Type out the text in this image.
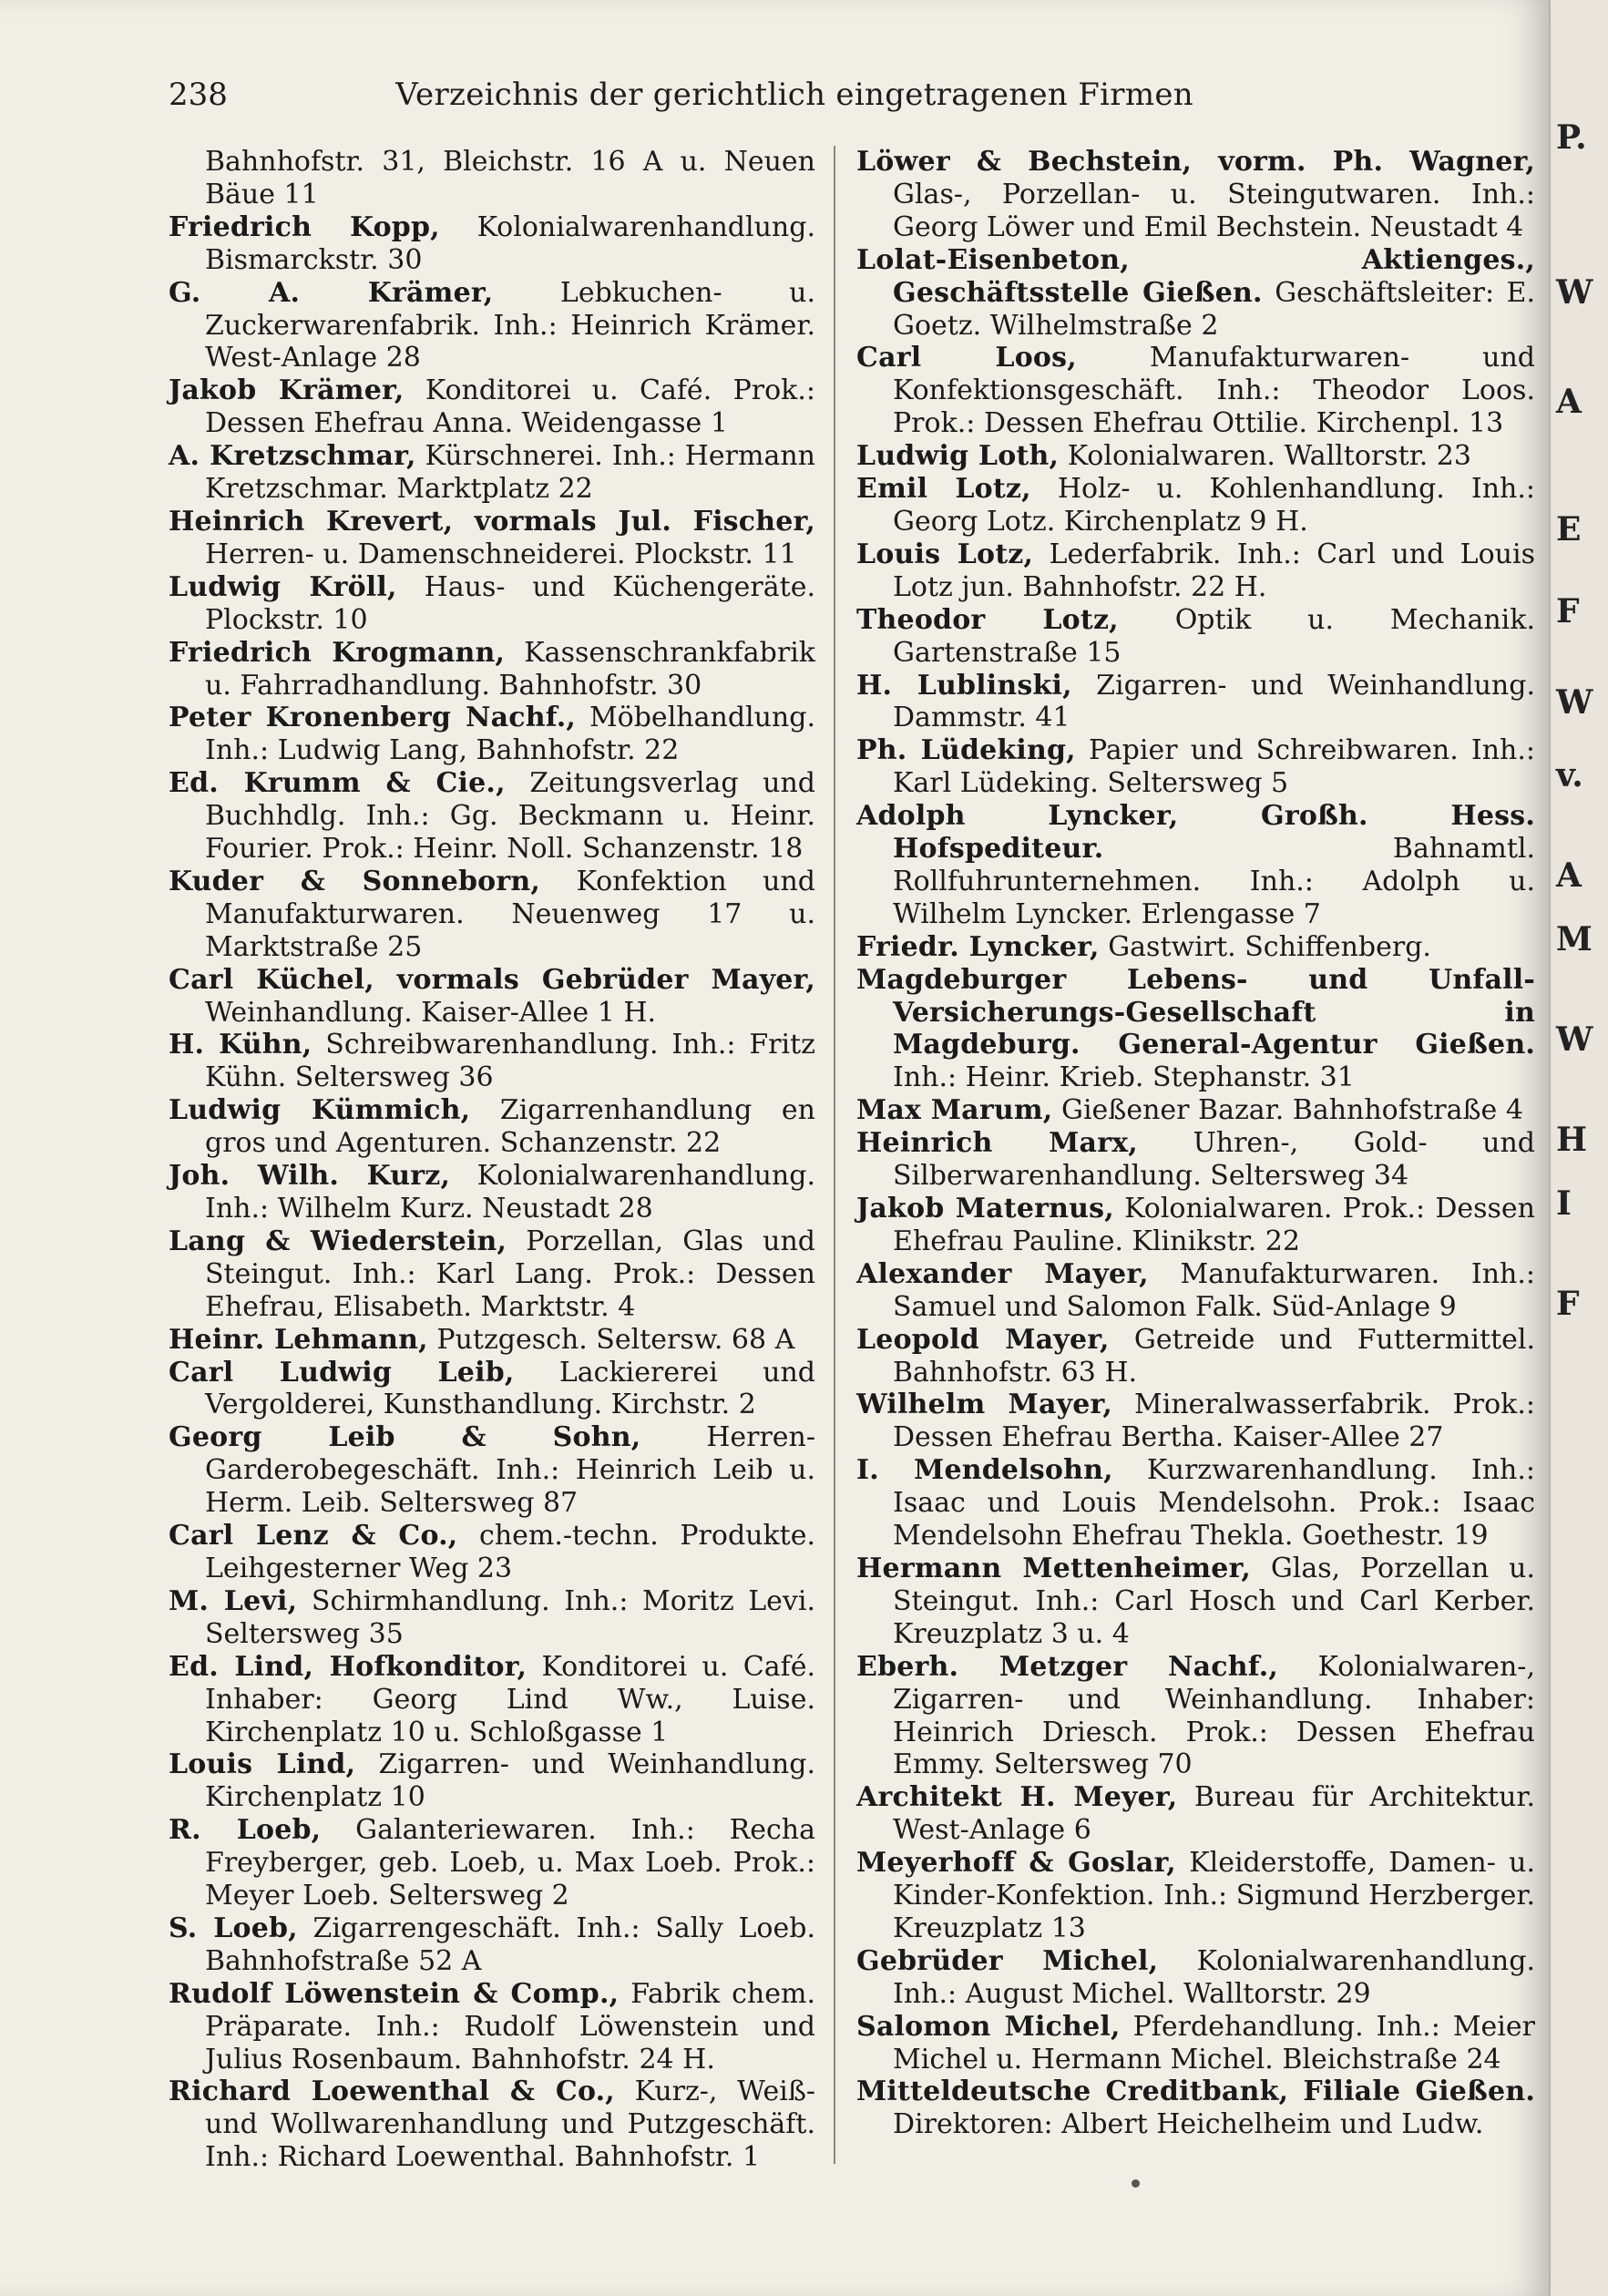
238	Verzeichnis der gerichtlich eingetragenen Firmen

Bahnhofstr. 31, Bleichstr. 16 A u. Neuen Bäue 11

Friedrich Kopp, Kolonialwarenhandlung. Bismarckstr. 30

G. A. Krämer, Lebkuchen- u. Zuckerwarenfabrik. Inh.: Heinrich Krämer. West-Anlage 28

Jakob Krämer, Konditorei u. Café. Prok.: Dessen Ehefrau Anna. Weidengasse 1

A. Kretzschmar, Kürschnerei. Inh.: Hermann Kretzschmar. Marktplatz 22

Heinrich Krevert, vormals Jul. Fischer, Herren- u. Damenschneiderei. Plockstr. 11

Ludwig Kröll, Haus- und Küchengeräte. Plockstr. 10

Friedrich Krogmann, Kassenschrankfabrik u. Fahrradhandlung. Bahnhofstr. 30

Peter Kronenberg Nachf., Möbelhandlung. Inh.: Ludwig Lang, Bahnhofstr. 22

Ed. Krumm & Cie., Zeitungsverlag und Buchhdlg. Inh.: Gg. Beckmann u. Heinr. Fourier. Prok.: Heinr. Noll. Schanzenstr. 18

Kuder & Sonneborn, Konfektion und Manufakturwaren. Neuenweg 17 u. Marktstraße 25

Carl Küchel, vormals Gebrüder Mayer, Weinhandlung. Kaiser-Allee 1 H.

H. Kühn, Schreibwarenhandlung. Inh.: Fritz Kühn. Seltersweg 36

Ludwig Kümmich, Zigarrenhandlung en gros und Agenturen. Schanzenstr. 22

Joh. Wilh. Kurz, Kolonialwarenhandlung. Inh.: Wilhelm Kurz. Neustadt 28

Lang & Wiederstein, Porzellan, Glas und Steingut. Inh.: Karl Lang. Prok.: Dessen Ehefrau, Elisabeth. Marktstr. 4

Heinr. Lehmann, Putzgesch. Seltersw. 68 A

Carl Ludwig Leib, Lackiererei und Vergolderei, Kunsthandlung. Kirchstr. 2

Georg Leib & Sohn, Herren-Garderobegeschäft. Inh.: Heinrich Leib u. Herm. Leib. Seltersweg 87

Carl Lenz & Co., chem.-techn. Produkte. Leihgesterner Weg 23

M. Levi, Schirmhandlung. Inh.: Moritz Levi. Seltersweg 35

Ed. Lind, Hofkonditor, Konditorei u. Café. Inhaber: Georg Lind Ww., Luise. Kirchenplatz 10 u. Schloßgasse 1

Louis Lind, Zigarren- und Weinhandlung. Kirchenplatz 10

R. Loeb, Galanteriewaren. Inh.: Recha Freyberger, geb. Loeb, u. Max Loeb. Prok.: Meyer Loeb. Seltersweg 2

S. Loeb, Zigarrengeschäft. Inh.: Sally Loeb. Bahnhofstraße 52 A

Rudolf Löwenstein & Comp., Fabrik chem. Präparate. Inh.: Rudolf Löwenstein und Julius Rosenbaum. Bahnhofstr. 24 H.

Richard Loewenthal & Co., Kurz-, Weiß- und Wollwarenhandlung und Putzgeschäft. Inh.: Richard Loewenthal. Bahnhofstr. 1

Löwer & Bechstein, vorm. Ph. Wagner, Glas-, Porzellan- u. Steingutwaren. Inh.: Georg Löwer und Emil Bechstein. Neustadt 4

Lolat-Eisenbeton, Aktienges., Geschäftsstelle Gießen. Geschäftsleiter: E. Goetz. Wilhelmstraße 2

Carl Loos,	Manufakturwaren- und Konfektionsgeschäft. Inh.: Theodor Loos. Prok.: Dessen Ehefrau Ottilie. Kirchenpl. 13

Ludwig Loth, Kolonialwaren. Walltorstr. 23

Emil Lotz, Holz- u. Kohlenhandlung. Inh.: Georg Lotz. Kirchenplatz 9 H.

Louis Lotz, Lederfabrik. Inh.: Carl und Louis Lotz jun. Bahnhofstr. 22 H.

Theodor Lotz, Optik u. Mechanik. Gartenstraße 15

H. Lublinski, Zigarren- und Weinhandlung. Dammstr. 41

Ph. Lüdeking, Papier und Schreibwaren. Inh.: Karl Lüdeking. Seltersweg 5

Adolph Lyncker, Großh. Hess. Hofspediteur.	Bahnamtl. Rollfuhrunternehmen. Inh.: Adolph u. Wilhelm Lyncker. Erlengasse 7

Friedr. Lyncker, Gastwirt. Schiffenberg.

Magdeburger Lebens- und Unfall-Versicherungs-Gesellschaft in Magdeburg. General-Agentur Gießen. Inh.: Heinr. Krieb. Stephanstr. 31

Max Marum, Gießener Bazar. Bahnhofstraße 4

Heinrich Marx, Uhren-, Gold- und Silberwarenhandlung. Seltersweg 34

Jakob Maternus, Kolonialwaren. Prok.: Dessen Ehefrau Pauline. Klinikstr. 22

Alexander Mayer, Manufakturwaren. Inh.: Samuel und Salomon Falk. Süd-Anlage 9

Leopold Mayer, Getreide und Futtermittel. Bahnhofstr. 63 H.

Wilhelm Mayer, Mineralwasserfabrik. Prok.: Dessen Ehefrau Bertha. Kaiser-Allee 27

I. Mendelsohn, Kurzwarenhandlung. Inh.: Isaac und Louis Mendelsohn. Prok.: Isaac Mendelsohn Ehefrau Thekla. Goethestr. 19

Hermann Mettenheimer, Glas, Porzellan u. Steingut. Inh.: Carl Hosch und Carl Kerber. Kreuzplatz 3 u. 4

Eberh. Metzger Nachf., Kolonialwaren-, Zigarren- und Weinhandlung. Inhaber: Heinrich Driesch. Prok.: Dessen Ehefrau Emmy. Seltersweg 70

Architekt H. Meyer, Bureau für Architektur. West-Anlage 6

Meyerhoff & Goslar, Kleiderstoffe, Damen- u. Kinder-Konfektion. Inh.: Sigmund Herzberger. Kreuzplatz 13

Gebrüder Michel, Kolonialwarenhandlung. Inh.: August Michel. Walltorstr. 29

Salomon Michel, Pferdehandlung. Inh.: Meier Michel u. Hermann Michel. Bleichstraße 24

Mitteldeutsche Creditbank, Filiale Gießen. Direktoren: Albert Heichelheim und Ludw.

P.
W
A
E
F
W
v.
A
M
W
H
I
F
